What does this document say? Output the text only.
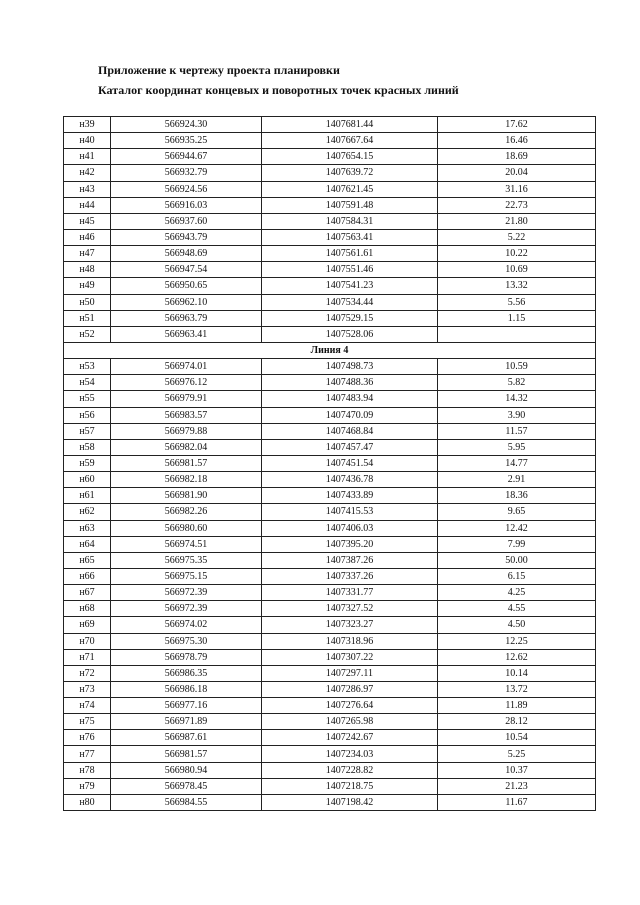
Приложение к чертежу проекта планировки
Каталог координат концевых и поворотных точек красных линий
н39	566924.30	1407681.44	17.62
н40	566935.25	1407667.64	16.46
н41	566944.67	1407654.15	18.69
н42	566932.79	1407639.72	20.04
н43	566924.56	1407621.45	31.16
н44	566916.03	1407591.48	22.73
н45	566937.60	1407584.31	21.80
н46	566943.79	1407563.41	5.22
н47	566948.69	1407561.61	10.22
н48	566947.54	1407551.46	10.69
н49	566950.65	1407541.23	13.32
н50	566962.10	1407534.44	5.56
н51	566963.79	1407529.15	1.15
н52	566963.41	1407528.06	
Линия 4			
н53	566974.01	1407498.73	10.59
н54	566976.12	1407488.36	5.82
н55	566979.91	1407483.94	14.32
н56	566983.57	1407470.09	3.90
н57	566979.88	1407468.84	11.57
н58	566982.04	1407457.47	5.95
н59	566981.57	1407451.54	14.77
н60	566982.18	1407436.78	2.91
н61	566981.90	1407433.89	18.36
н62	566982.26	1407415.53	9.65
н63	566980.60	1407406.03	12.42
н64	566974.51	1407395.20	7.99
н65	566975.35	1407387.26	50.00
н66	566975.15	1407337.26	6.15
н67	566972.39	1407331.77	4.25
н68	566972.39	1407327.52	4.55
н69	566974.02	1407323.27	4.50
н70	566975.30	1407318.96	12.25
н71	566978.79	1407307.22	12.62
н72	566986.35	1407297.11	10.14
н73	566986.18	1407286.97	13.72
н74	566977.16	1407276.64	11.89
н75	566971.89	1407265.98	28.12
н76	566987.61	1407242.67	10.54
н77	566981.57	1407234.03	5.25
н78	566980.94	1407228.82	10.37
н79	566978.45	1407218.75	21.23
н80	566984.55	1407198.42	11.67
